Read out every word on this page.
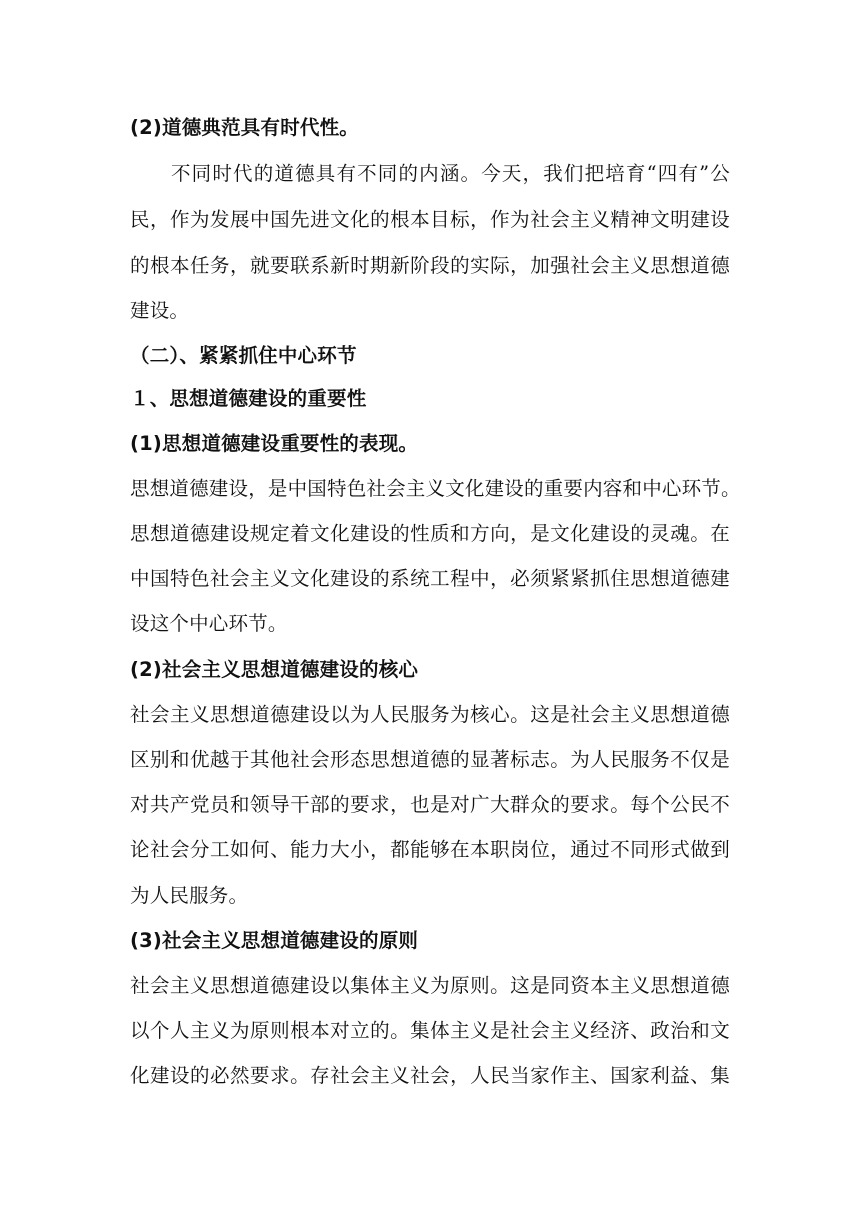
(2)道德典范具有时代性。
不同时代的道德具有不同的内涵。今天，我们把培育“四有”公
民，作为发展中国先进文化的根本目标，作为社会主义精神文明建设
的根本任务，就要联系新时期新阶段的实际，加强社会主义思想道德
建设。
（二）、紧紧抓住中心环节
１、思想道德建设的重要性
(1)思想道德建设重要性的表现。
思想道德建设，是中国特色社会主义文化建设的重要内容和中心环节。
思想道德建设规定着文化建设的性质和方向，是文化建设的灵魂。在
中国特色社会主义文化建设的系统工程中，必须紧紧抓住思想道德建
设这个中心环节。
(2)社会主义思想道德建设的核心
社会主义思想道德建设以为人民服务为核心。这是社会主义思想道德
区别和优越于其他社会形态思想道德的显著标志。为人民服务不仅是
对共产党员和领导干部的要求，也是对广大群众的要求。每个公民不
论社会分工如何、能力大小，都能够在本职岗位，通过不同形式做到
为人民服务。
(3)社会主义思想道德建设的原则
社会主义思想道德建设以集体主义为原则。这是同资本主义思想道德
以个人主义为原则根本对立的。集体主义是社会主义经济、政治和文
化建设的必然要求。存社会主义社会，人民当家作主、国家利益、集
